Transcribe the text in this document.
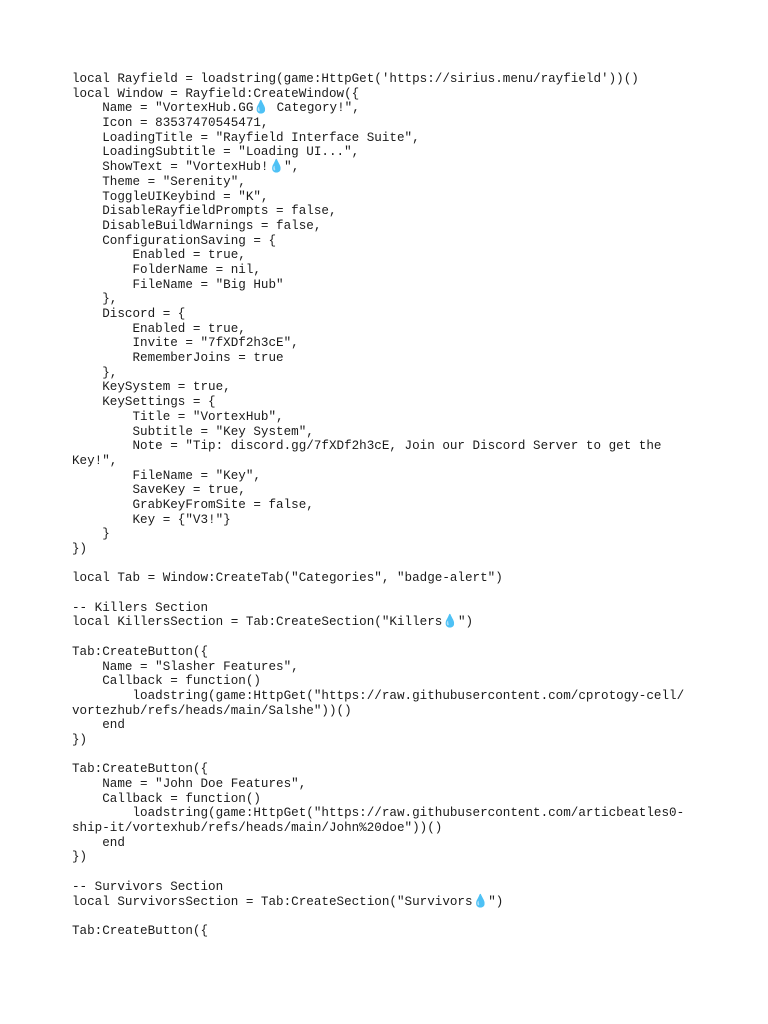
local Rayfield = loadstring(game:HttpGet('https://sirius.menu/rayfield'))()
local Window = Rayfield:CreateWindow({
Name = "VortexHub.GG💧 Category!",
Icon = 83537470545471,
LoadingTitle = "Rayfield Interface Suite",
LoadingSubtitle = "Loading UI...",
ShowText = "VortexHub!💧",
Theme = "Serenity",
ToggleUIKeybind = "K",
DisableRayfieldPrompts = false,
DisableBuildWarnings = false,
ConfigurationSaving = {
Enabled = true,
FolderName = nil,
FileName = "Big Hub"
},
Discord = {
Enabled = true,
Invite = "7fXDf2h3cE",
RememberJoins = true
},
KeySystem = true,
KeySettings = {
Title = "VortexHub",
Subtitle = "Key System",
Note = "Tip: discord.gg/7fXDf2h3cE, Join our Discord Server to get the
Key!",
FileName = "Key",
SaveKey = true,
GrabKeyFromSite = false,
Key = {"V3!"}
}
})
local Tab = Window:CreateTab("Categories", "badge-alert")
-- Killers Section
local KillersSection = Tab:CreateSection("Killers💧")
Tab:CreateButton({
Name = "Slasher Features",
Callback = function()
loadstring(game:HttpGet("https://raw.githubusercontent.com/cprotogy-cell/
vortezhub/refs/heads/main/Salshe"))()
end
})
Tab:CreateButton({
Name = "John Doe Features",
Callback = function()
loadstring(game:HttpGet("https://raw.githubusercontent.com/articbeatles0-
ship-it/vortexhub/refs/heads/main/John%20doe"))()
end
})
-- Survivors Section
local SurvivorsSection = Tab:CreateSection("Survivors💧")
Tab:CreateButton({
